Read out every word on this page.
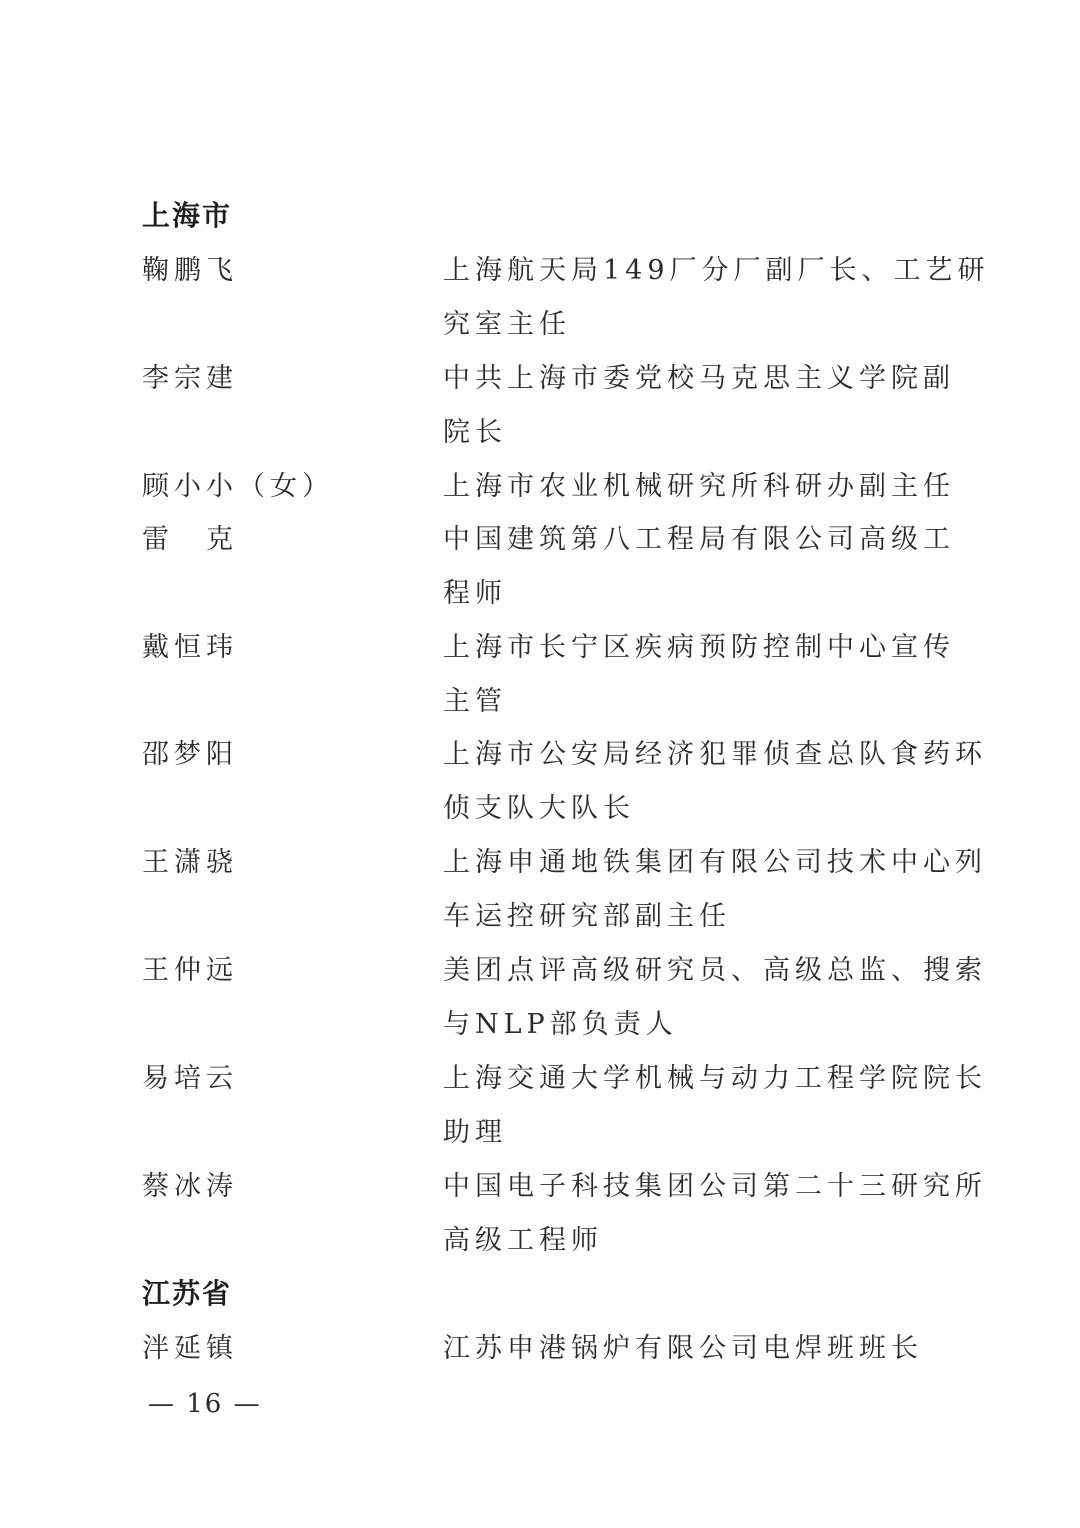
上海市
鞠鹏飞	上海航天局149厂分厂副厂长、工艺研
究室主任
李宗建	中共上海市委党校马克思主义学院副
院长
顾小小（女）	上海市农业机械研究所科研办副主任
雷　克	中国建筑第八工程局有限公司高级工
程师
戴恒玮	上海市长宁区疾病预防控制中心宣传
主管
邵梦阳	上海市公安局经济犯罪侦查总队食药环
侦支队大队长
王潇骁	上海申通地铁集团有限公司技术中心列
车运控研究部副主任
王仲远	美团点评高级研究员、高级总监、搜索
与NLP部负责人
易培云	上海交通大学机械与动力工程学院院长
助理
蔡冰涛	中国电子科技集团公司第二十三研究所
高级工程师
江苏省
泮延镇	江苏申港锅炉有限公司电焊班班长
— 16 —
